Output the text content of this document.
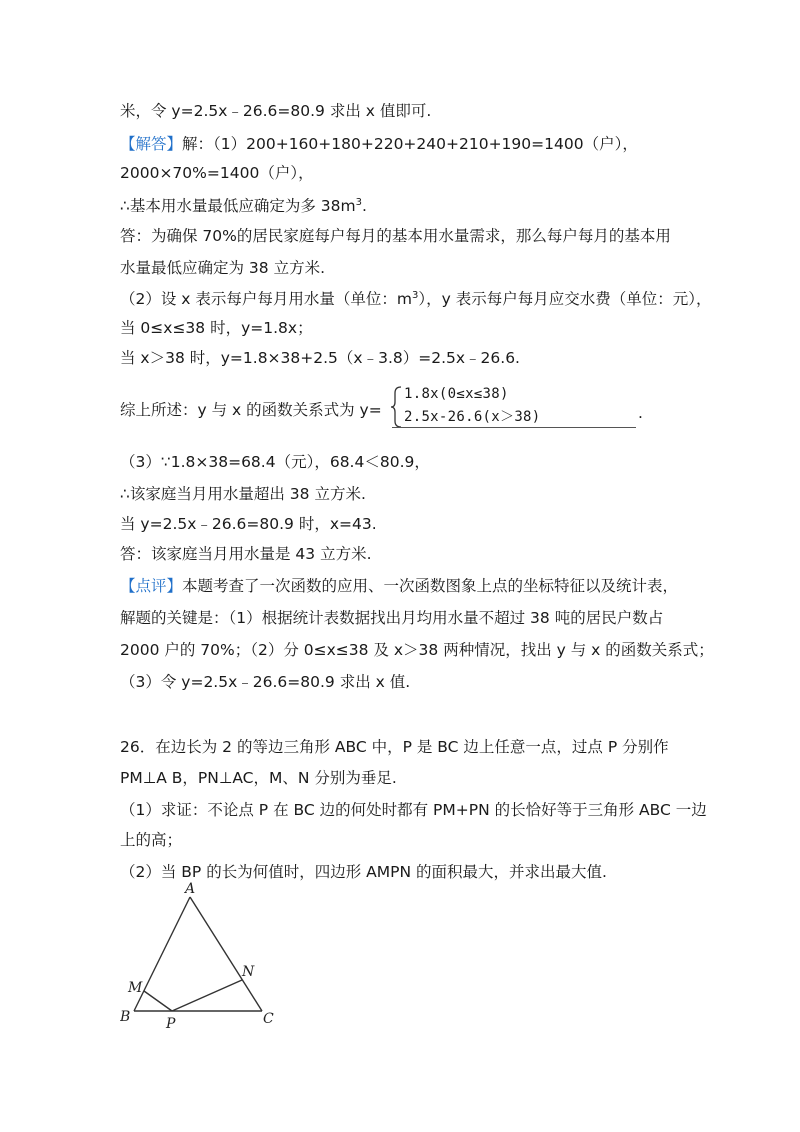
米，令 y=2.5x﹣26.6=80.9 求出 x 值即可.
【解答】解：（1）200+160+180+220+240+210+190=1400（户），
2000×70%=1400（户），
∴基本用水量最低应确定为多 $38m^3$.
答：为确保 70%的居民家庭每户每月的基本用水量需求，那么每户每月的基本用
水量最低应确定为 38 立方米.
（2）设 x 表示每户每月用水量（单位：$m^3$），y 表示每户每月应交水费（单位：元），
当 0≤x≤38 时，y=1.8x；
当 x＞38 时，y=1.8×38+2.5（x﹣3.8）=2.5x﹣26.6.
综上所述：y 与 x 的函数关系式为 y=
1.8x(0≤x≤38)
2.5x-26.6(x＞38)	.
（3）∵1.8×38=68.4（元），68.4＜80.9，
∴该家庭当月用水量超出 38 立方米.
当 y=2.5x﹣26.6=80.9 时，x=43.
答：该家庭当月用水量是 43 立方米.
【点评】本题考查了一次函数的应用、一次函数图象上点的坐标特征以及统计表，
解题的关键是：（1）根据统计表数据找出月均用水量不超过 38 吨的居民户数占
2000 户的 70%；（2）分 0≤x≤38 及 x＞38 两种情况，找出 y 与 x 的函数关系式；
（3）令 y=2.5x﹣26.6=80.9 求出 x 值.
26．在边长为 2 的等边三角形 ABC 中，P 是 BC 边上任意一点，过点 P 分别作
PM⊥A B，PN⊥AC，M、N 分别为垂足.
（1）求证：不论点 P 在 BC 边的何处时都有 PM+PN 的长恰好等于三角形 ABC 一边
上的高；
（2）当 BP 的长为何值时，四边形 AMPN 的面积最大，并求出最大值.
A
B	C
M
N
P
